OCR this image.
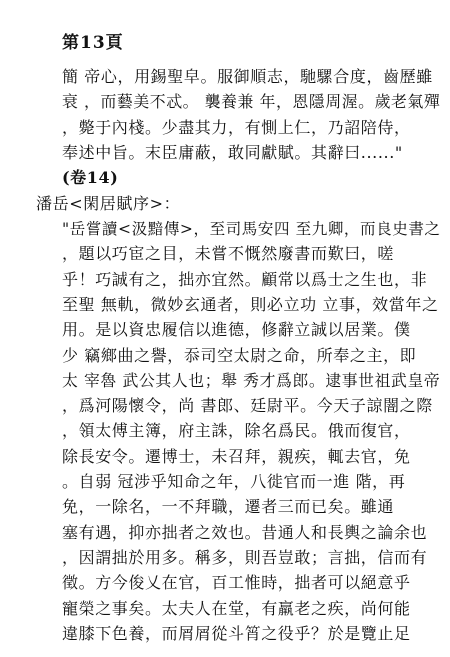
第13頁
簡 帝心，用錫聖皁。服御順志，馳騾合度，齒歷雖
衰 ，而藝美不忒。 襲養兼 年，恩隱周渥。歲老氣殫
，斃于內棧。少盡其力，有惻上仁，乃詔陪侍，
奉述中旨。末臣庸蔽，敢同獻賦。其辭曰......"
(卷14)
潘岳<閑居賦序>：
"岳嘗讀<汲黯傳>，至司馬安四 至九卿，而良史書之
，題以巧宦之目，未嘗不慨然廢書而歎曰，嗟
乎！巧誠有之，拙亦宜然。顧常以爲士之生也，非
至聖 無軌，微妙玄通者，則必立功 立事，效當年之
用。是以資忠履信以進德，修辭立誠以居業。僕
少 竊鄉曲之譽，忝司空太尉之命，所奉之主，即
太 宰魯 武公其人也；舉 秀才爲郎。逮事世祖武皇帝
，爲河陽懷令，尚 書郎、廷尉平。今天子諒闇之際
，領太傅主簿，府主誅，除名爲民。俄而復官，
除長安令。遷博士，未召拜，親疾，輒去官，免
。自弱 冠涉乎知命之年，八徙官而一進 階，再
免，一除名，一不拜職，遷者三而已矣。雖通
塞有遇，抑亦拙者之效也。昔通人和長輿之論余也
，因謂拙於用多。稱多，則吾豈敢；言拙，信而有
徵。方今俊乂在官，百工惟時，拙者可以絕意乎
寵榮之事矣。太夫人在堂，有羸老之疾，尚何能
違膝下色養，而屑屑從斗筲之役乎？於是覽止足
